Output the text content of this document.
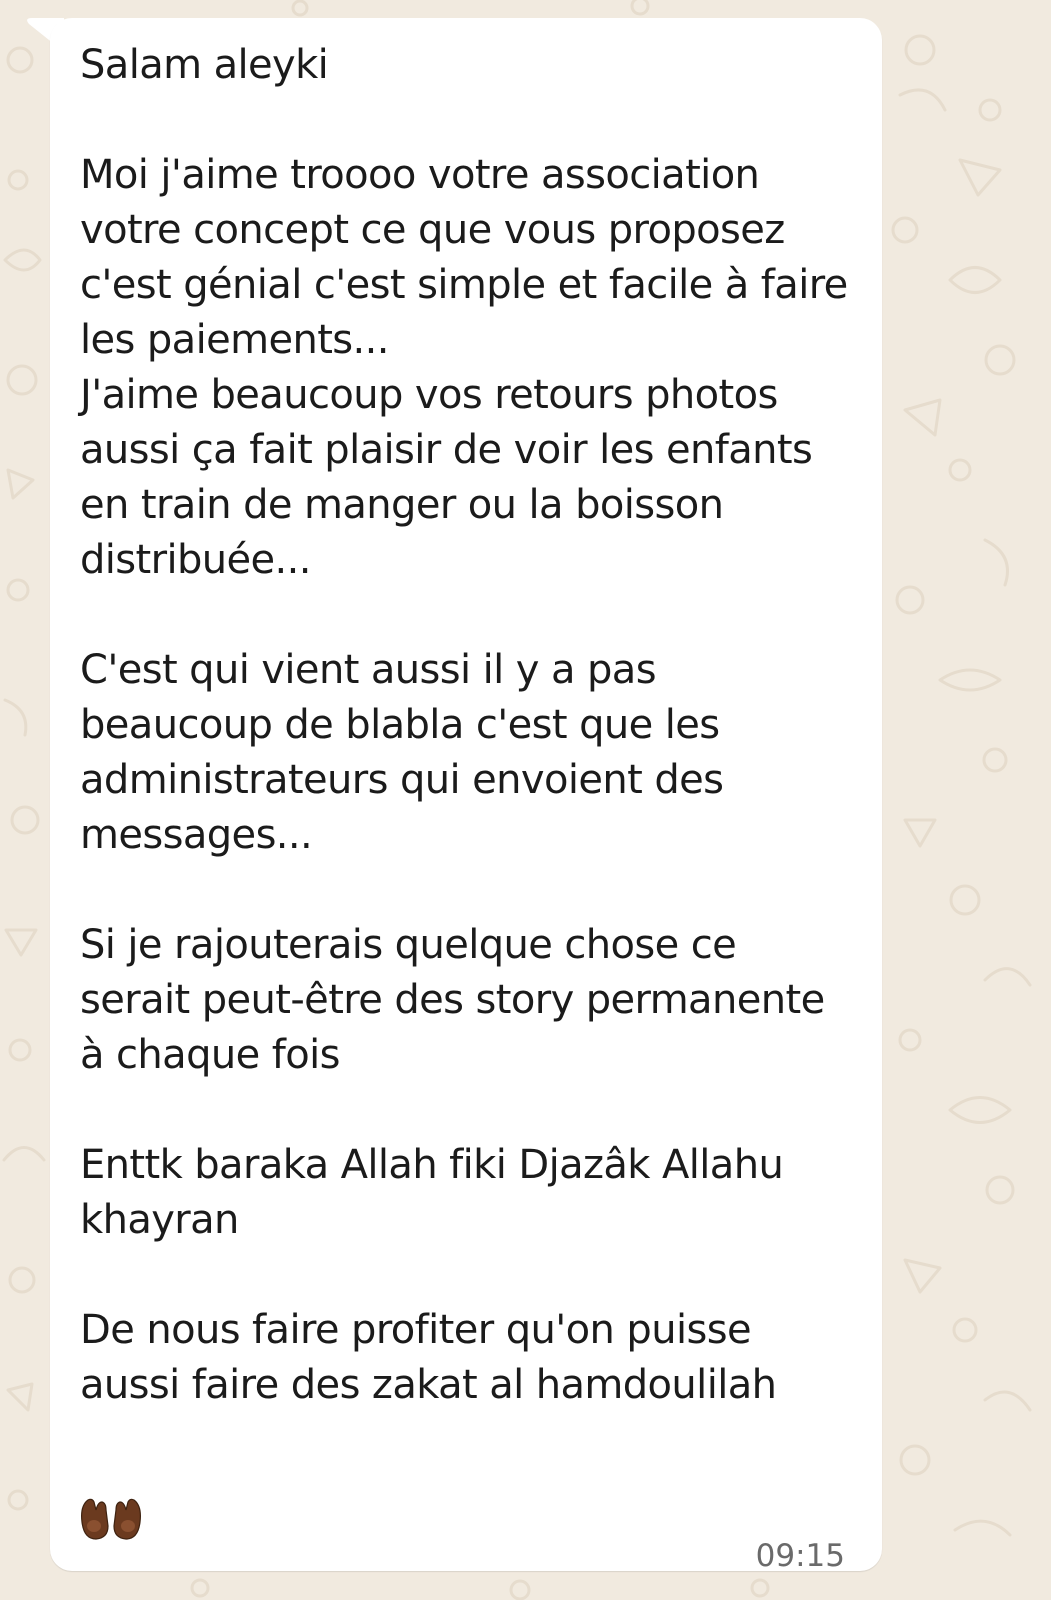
Salam aleyki

Moi j'aime troooo votre association votre concept ce que vous proposez c'est génial c'est simple et facile à faire les paiements...
J'aime beaucoup vos retours photos aussi ça fait plaisir de voir les enfants en train de manger ou la boisson distribuée...

C'est qui vient aussi il y a pas beaucoup de blabla c'est que les administrateurs qui envoient des messages...

Si je rajouterais quelque chose ce serait peut-être des story permanente à chaque fois

Enttk baraka Allah fiki Djazâk Allahu khayran

De nous faire profiter qu'on puisse aussi faire des zakat al hamdoulilah

09:15
